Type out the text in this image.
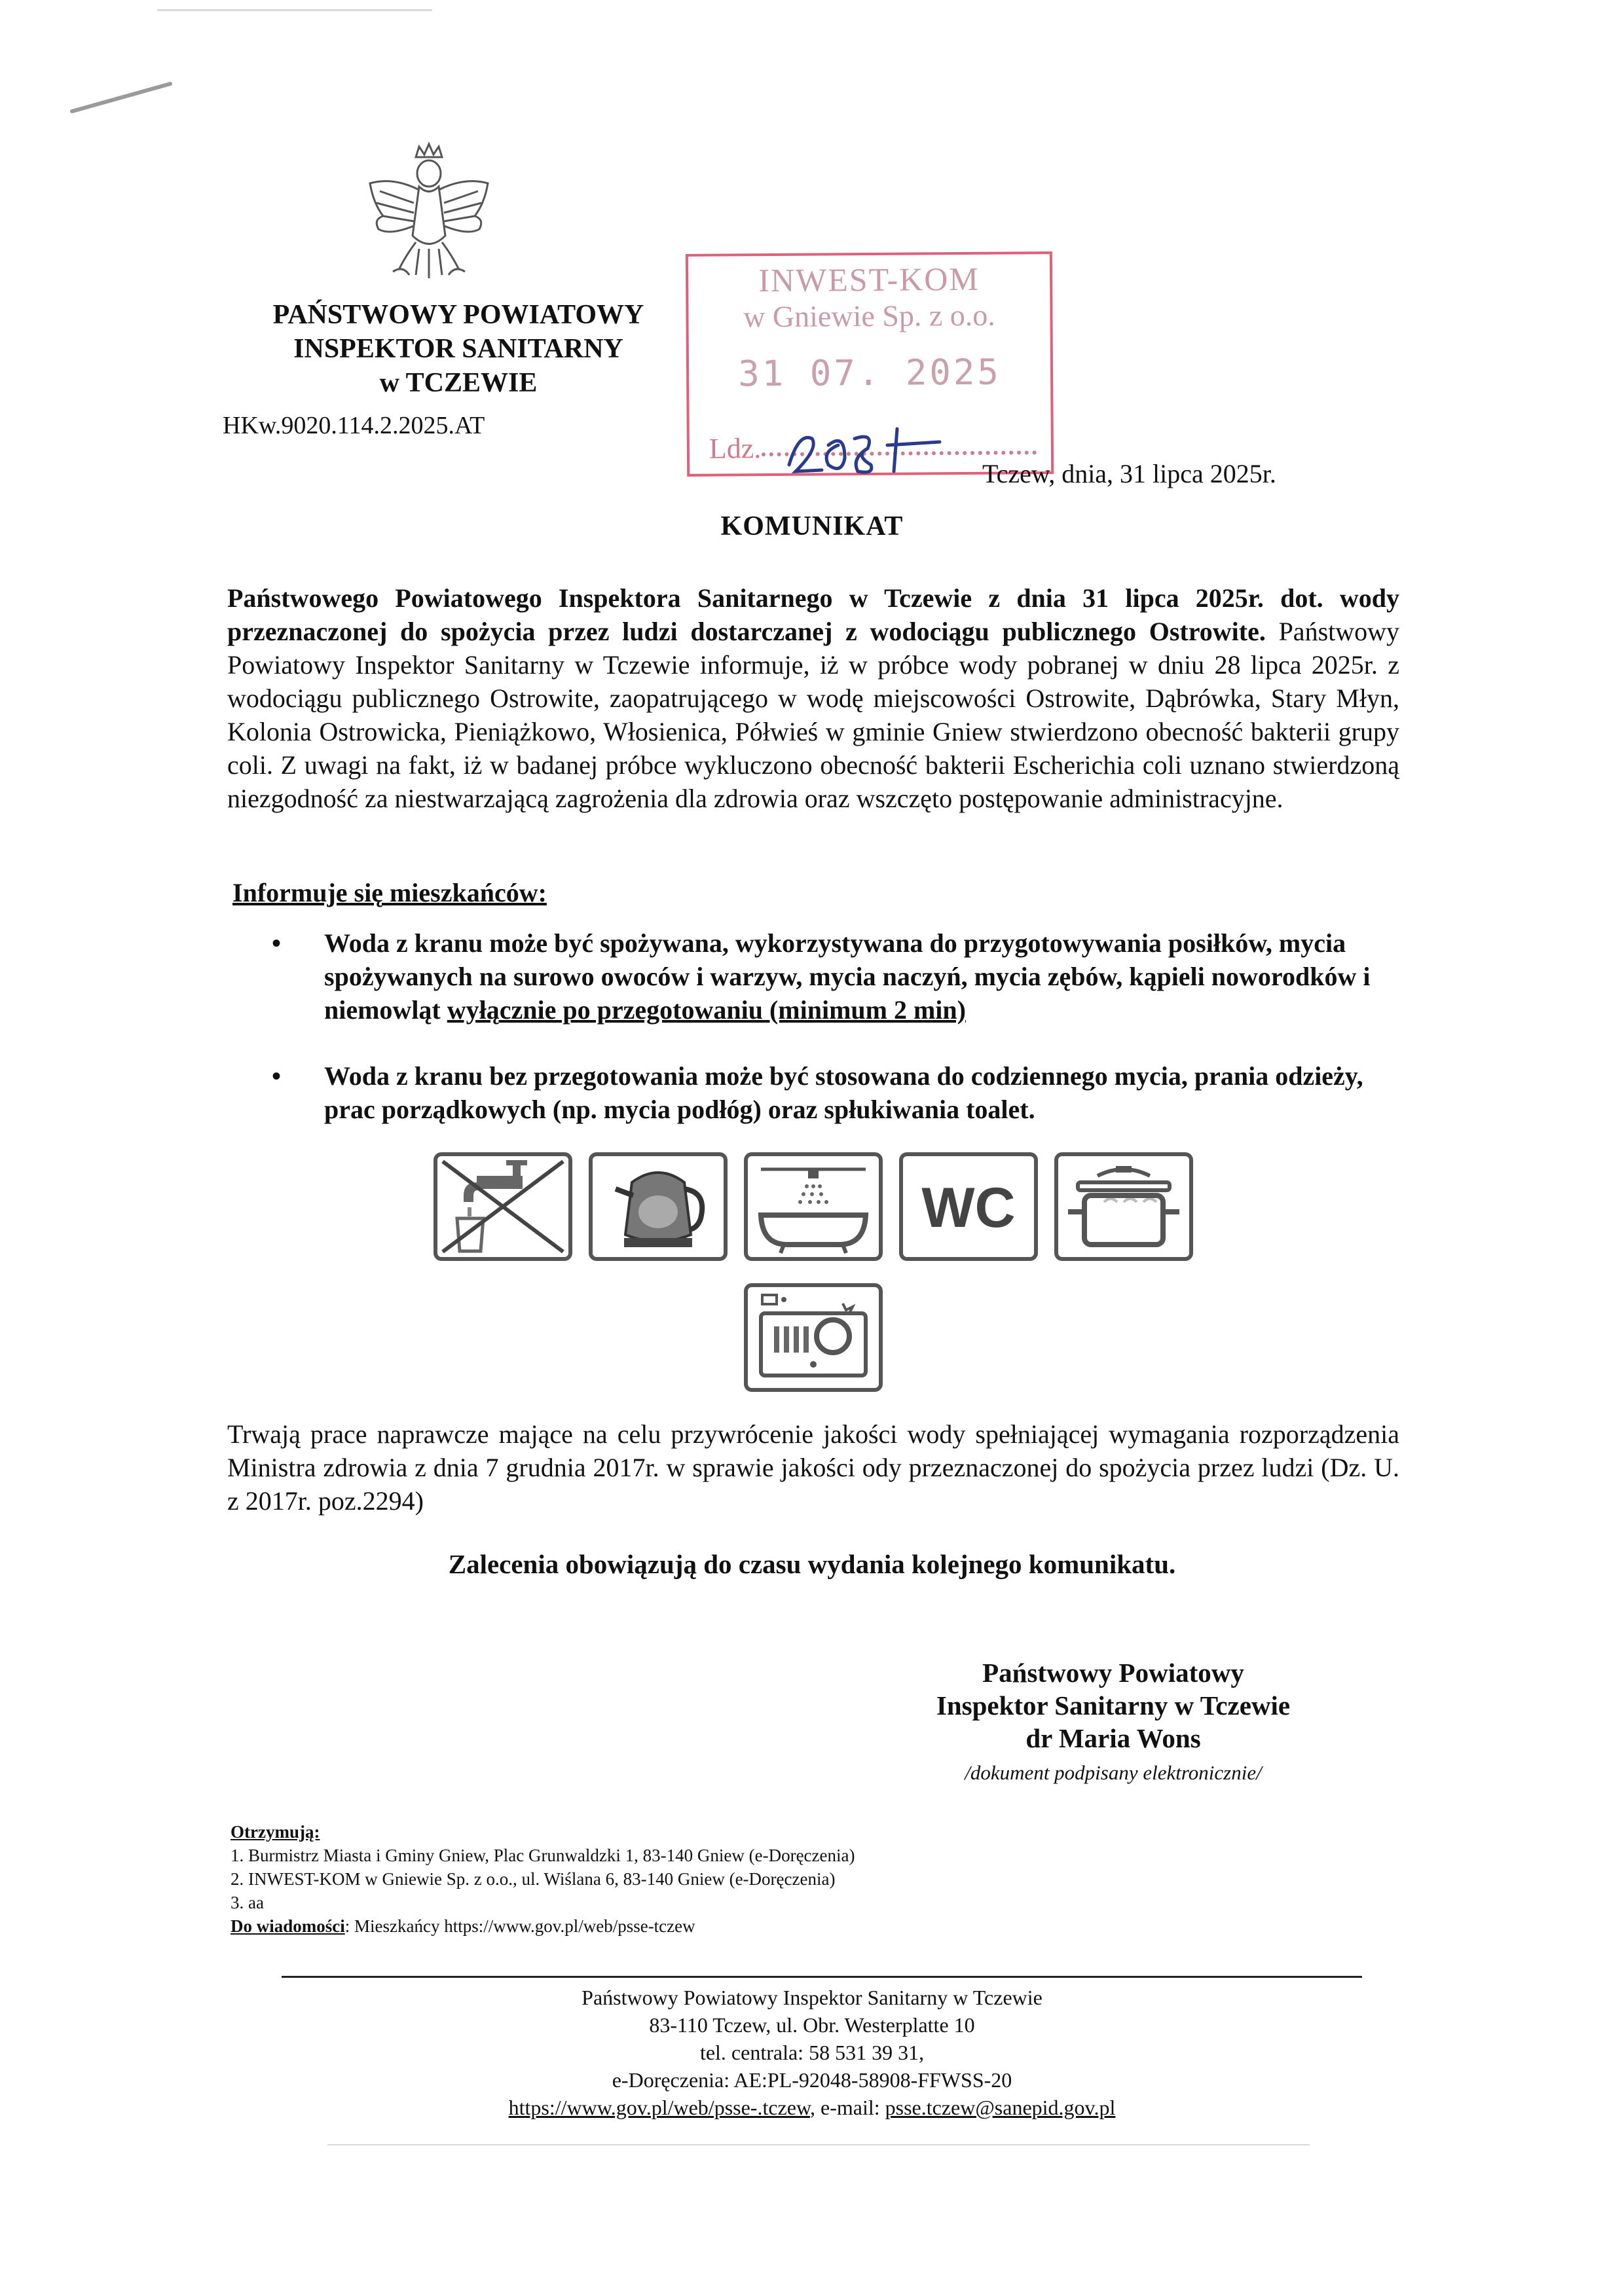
PAŃSTWOWY POWIATOWY
INSPEKTOR SANITARNY
w TCZEWIE
HKw.9020.114.2.2025.AT
INWEST-KOM
w Gniewie Sp. z o.o.
31 07. 2025
Ldz.
Tczew, dnia, 31 lipca 2025r.
KOMUNIKAT
Państwowego Powiatowego Inspektora Sanitarnego w Tczewie z dnia 31 lipca 2025r. dot. wody przeznaczonej do spożycia przez ludzi dostarczanej z wodociągu publicznego Ostrowite. Państwowy Powiatowy Inspektor Sanitarny w Tczewie informuje, iż w próbce wody pobranej w dniu 28 lipca 2025r. z wodociągu publicznego Ostrowite, zaopatrującego w wodę miejscowości Ostrowite, Dąbrówka, Stary Młyn, Kolonia Ostrowicka, Pieniążkowo, Włosienica, Półwieś w gminie Gniew stwierdzono obecność bakterii grupy coli. Z uwagi na fakt, iż w badanej próbce wykluczono obecność bakterii Escherichia coli uznano stwierdzoną niezgodność za niestwarzającą zagrożenia dla zdrowia oraz wszczęto postępowanie administracyjne.
Informuje się mieszkańców:
• Woda z kranu może być spożywana, wykorzystywana do przygotowywania posiłków, mycia spożywanych na surowo owoców i warzyw, mycia naczyń, mycia zębów, kąpieli noworodków i niemowląt wyłącznie po przegotowaniu (minimum 2 min)
• Woda z kranu bez przegotowania może być stosowana do codziennego mycia, prania odzieży, prac porządkowych (np. mycia podłóg) oraz spłukiwania toalet.
WC
Trwają prace naprawcze mające na celu przywrócenie jakości wody spełniającej wymagania rozporządzenia Ministra zdrowia z dnia 7 grudnia 2017r. w sprawie jakości ody przeznaczonej do spożycia przez ludzi (Dz. U. z 2017r. poz.2294)
Zalecenia obowiązują do czasu wydania kolejnego komunikatu.
Państwowy Powiatowy
Inspektor Sanitarny w Tczewie
dr Maria Wons
/dokument podpisany elektronicznie/
Otrzymują:
1. Burmistrz Miasta i Gminy Gniew, Plac Grunwaldzki 1, 83-140 Gniew (e-Doręczenia)
2. INWEST-KOM w Gniewie Sp. z o.o., ul. Wiślana 6, 83-140 Gniew (e-Doręczenia)
3. aa
Do wiadomości: Mieszkańcy https://www.gov.pl/web/psse-tczew
Państwowy Powiatowy Inspektor Sanitarny w Tczewie
83-110 Tczew, ul. Obr. Westerplatte 10
tel. centrala: 58 531 39 31,
e-Doręczenia: AE:PL-92048-58908-FFWSS-20
https://www.gov.pl/web/psse-.tczew, e-mail: psse.tczew@sanepid.gov.pl
